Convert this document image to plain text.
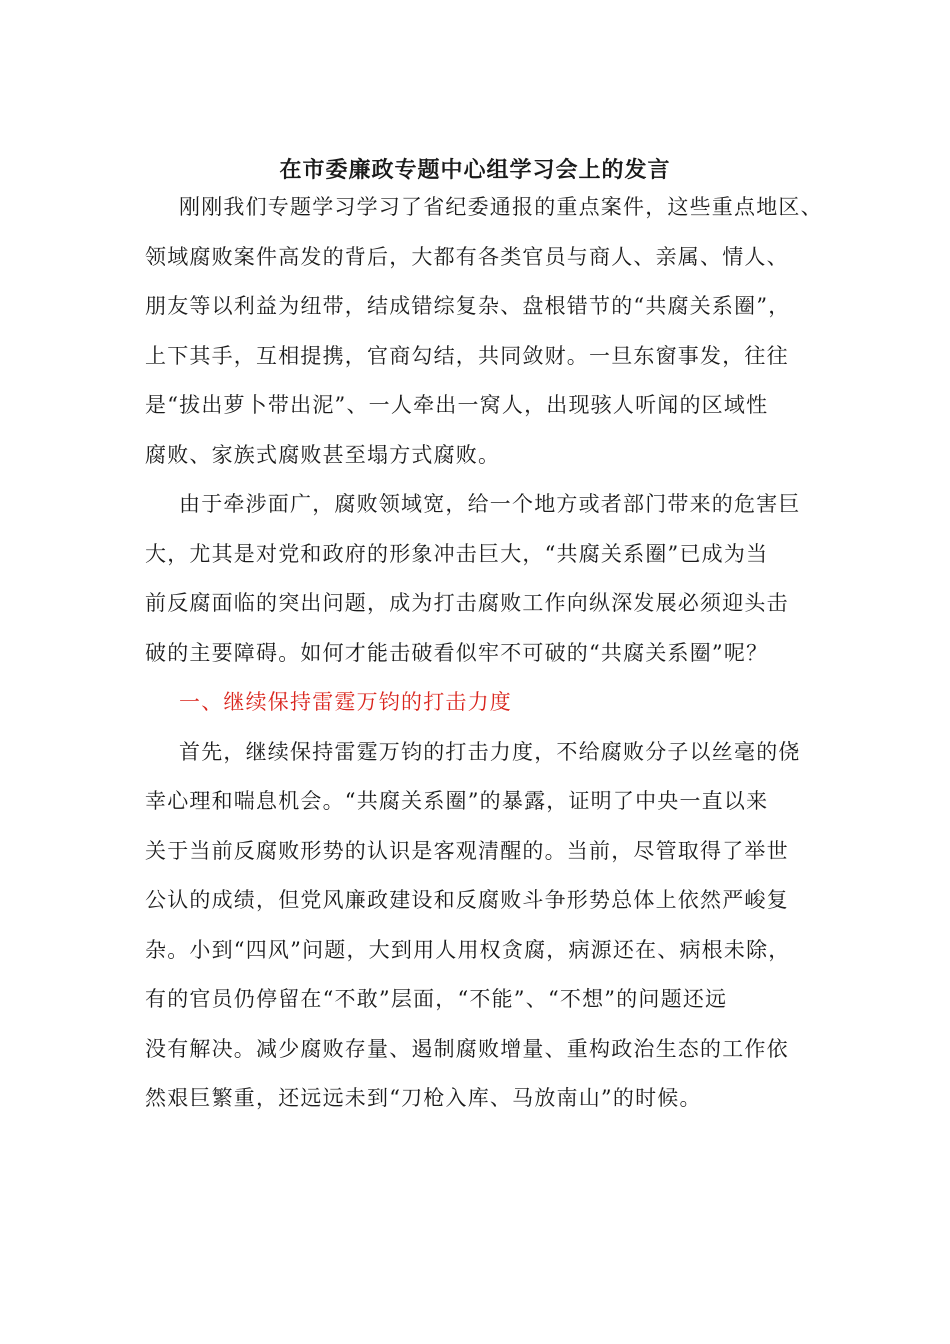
在市委廉政专题中心组学习会上的发言
刚刚我们专题学习学习了省纪委通报的重点案件，这些重点地区、
领域腐败案件高发的背后，大都有各类官员与商人、亲属、情人、
朋友等以利益为纽带，结成错综复杂、盘根错节的“共腐关系圈”，
上下其手，互相提携，官商勾结，共同敛财。一旦东窗事发，往往
是“拔出萝卜带出泥”、一人牵出一窝人，出现骇人听闻的区域性
腐败、家族式腐败甚至塌方式腐败。
由于牵涉面广，腐败领域宽，给一个地方或者部门带来的危害巨
大，尤其是对党和政府的形象冲击巨大，“共腐关系圈”已成为当
前反腐面临的突出问题，成为打击腐败工作向纵深发展必须迎头击
破的主要障碍。如何才能击破看似牢不可破的“共腐关系圈”呢？
一、继续保持雷霆万钧的打击力度
首先，继续保持雷霆万钧的打击力度，不给腐败分子以丝毫的侥
幸心理和喘息机会。“共腐关系圈”的暴露，证明了中央一直以来
关于当前反腐败形势的认识是客观清醒的。当前，尽管取得了举世
公认的成绩，但党风廉政建设和反腐败斗争形势总体上依然严峻复
杂。小到“四风”问题，大到用人用权贪腐，病源还在、病根未除，
有的官员仍停留在“不敢”层面，“不能”、“不想”的问题还远
没有解决。减少腐败存量、遏制腐败增量、重构政治生态的工作依
然艰巨繁重，还远远未到“刀枪入库、马放南山”的时候。
